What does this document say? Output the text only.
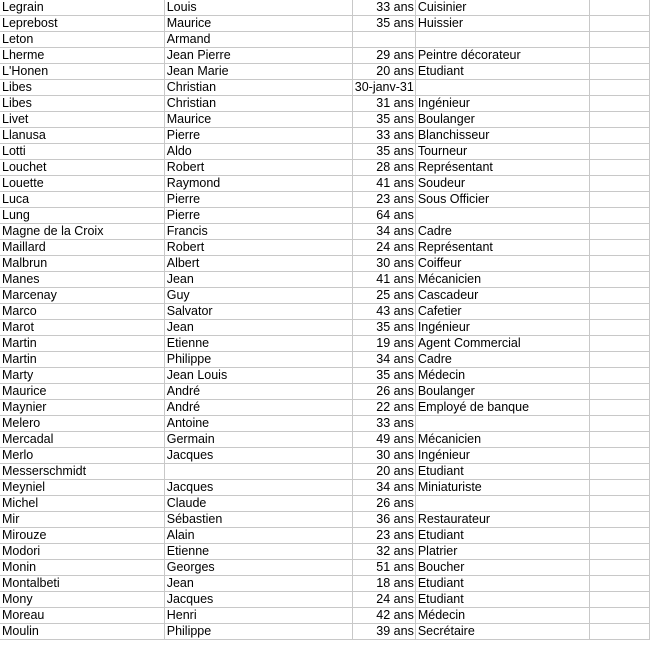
Legrain	Louis	33 ans	Cuisinier	
Leprebost	Maurice	35 ans	Huissier	
Leton	Armand			
Lherme	Jean Pierre	29 ans	Peintre décorateur	
L'Honen	Jean Marie	20 ans	Etudiant	
Libes	Christian	30-janv-31		
Libes	Christian	31 ans	Ingénieur	
Livet	Maurice	35 ans	Boulanger	
Llanusa	Pierre	33 ans	Blanchisseur	
Lotti	Aldo	35 ans	Tourneur	
Louchet	Robert	28 ans	Représentant	
Louette	Raymond	41 ans	Soudeur	
Luca	Pierre	23 ans	Sous Officier	
Lung	Pierre	64 ans		
Magne de la Croix	Francis	34 ans	Cadre	
Maillard	Robert	24 ans	Représentant	
Malbrun	Albert	30 ans	Coiffeur	
Manes	Jean	41 ans	Mécanicien	
Marcenay	Guy	25 ans	Cascadeur	
Marco	Salvator	43 ans	Cafetier	
Marot	Jean	35 ans	Ingénieur	
Martin	Etienne	19 ans	Agent Commercial	
Martin	Philippe	34 ans	Cadre	
Marty	Jean Louis	35 ans	Médecin	
Maurice	André	26 ans	Boulanger	
Maynier	André	22 ans	Employé de banque	
Melero	Antoine	33 ans		
Mercadal	Germain	49 ans	Mécanicien	
Merlo	Jacques	30 ans	Ingénieur	
Messerschmidt		20 ans	Etudiant	
Meyniel	Jacques	34 ans	Miniaturiste	
Michel	Claude	26 ans		
Mir	Sébastien	36 ans	Restaurateur	
Mirouze	Alain	23 ans	Etudiant	
Modori	Etienne	32 ans	Platrier	
Monin	Georges	51 ans	Boucher	
Montalbeti	Jean	18 ans	Etudiant	
Mony	Jacques	24 ans	Etudiant	
Moreau	Henri	42 ans	Médecin	
Moulin	Philippe	39 ans	Secrétaire	
